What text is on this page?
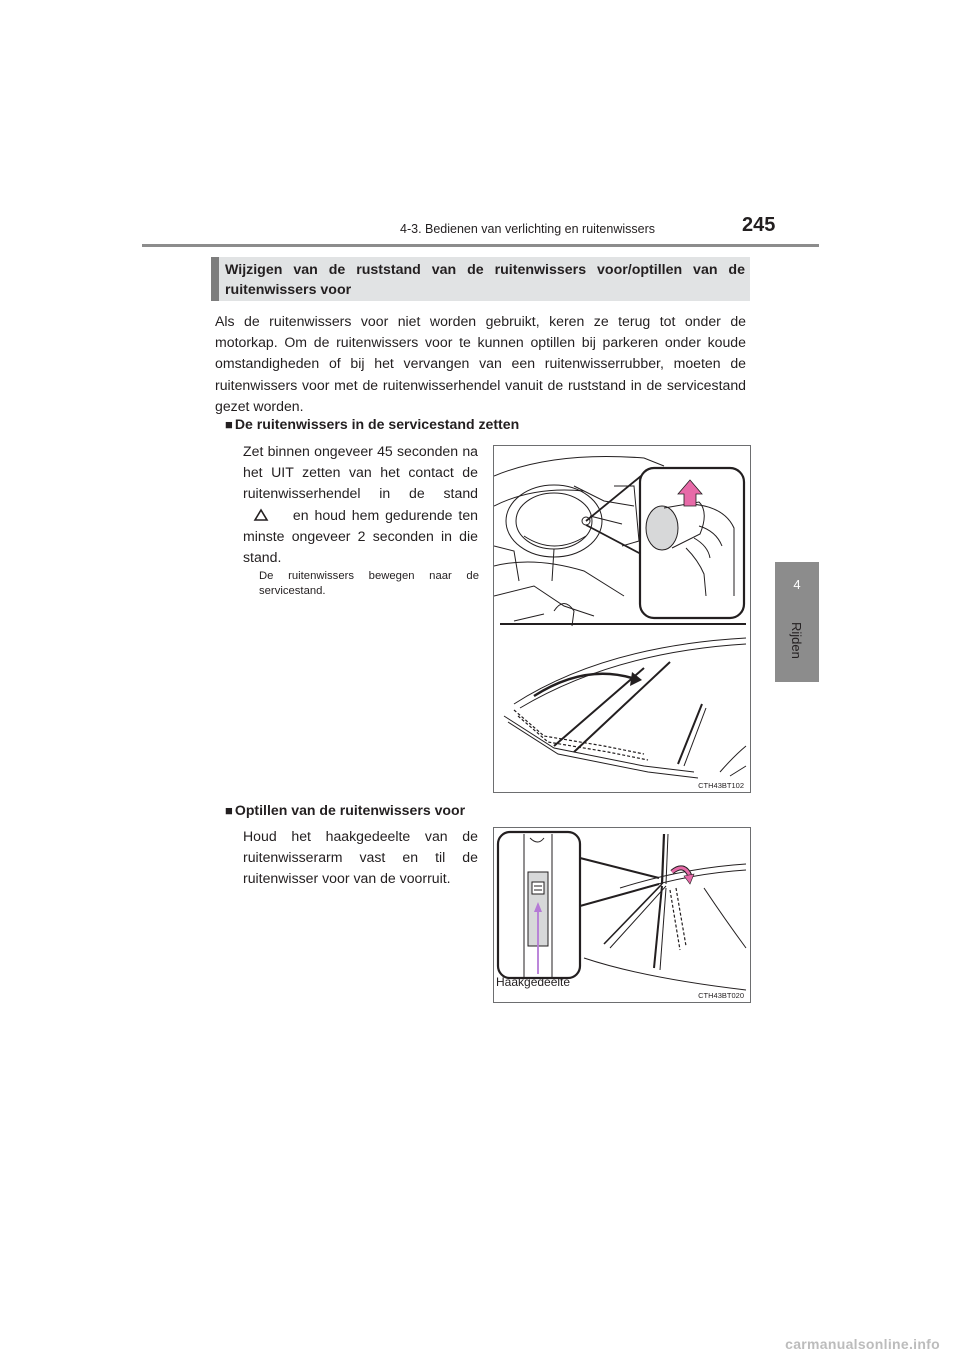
4-3. Bedienen van verlichting en ruitenwissers	245
4
Rijden
Wijzigen van de ruststand van de ruitenwissers voor/optillen van de ruitenwissers voor
Als de ruitenwissers voor niet worden gebruikt, keren ze terug tot onder de motorkap. Om de ruitenwissers voor te kunnen optillen bij parkeren onder koude omstandigheden of bij het vervangen van een ruitenwisserrubber, moeten de ruitenwissers voor met de ruitenwisserhendel vanuit de ruststand in de servicestand gezet worden.
■ De ruitenwissers in de servicestand zetten
Zet binnen ongeveer 45 seconden na het UIT zetten van het contact de ruitenwisserhendel in de stand  en houd hem gedurende ten minste ongeveer 2 seconden in die stand.
De ruitenwissers bewegen naar de servicestand.
CTH43BT102
■ Optillen van de ruitenwissers voor
Houd het haakgedeelte van de ruitenwisserarm vast en til de ruitenwisser voor van de voorruit.
Haakgedeelte
CTH43BT020
carmanualsonline.info
